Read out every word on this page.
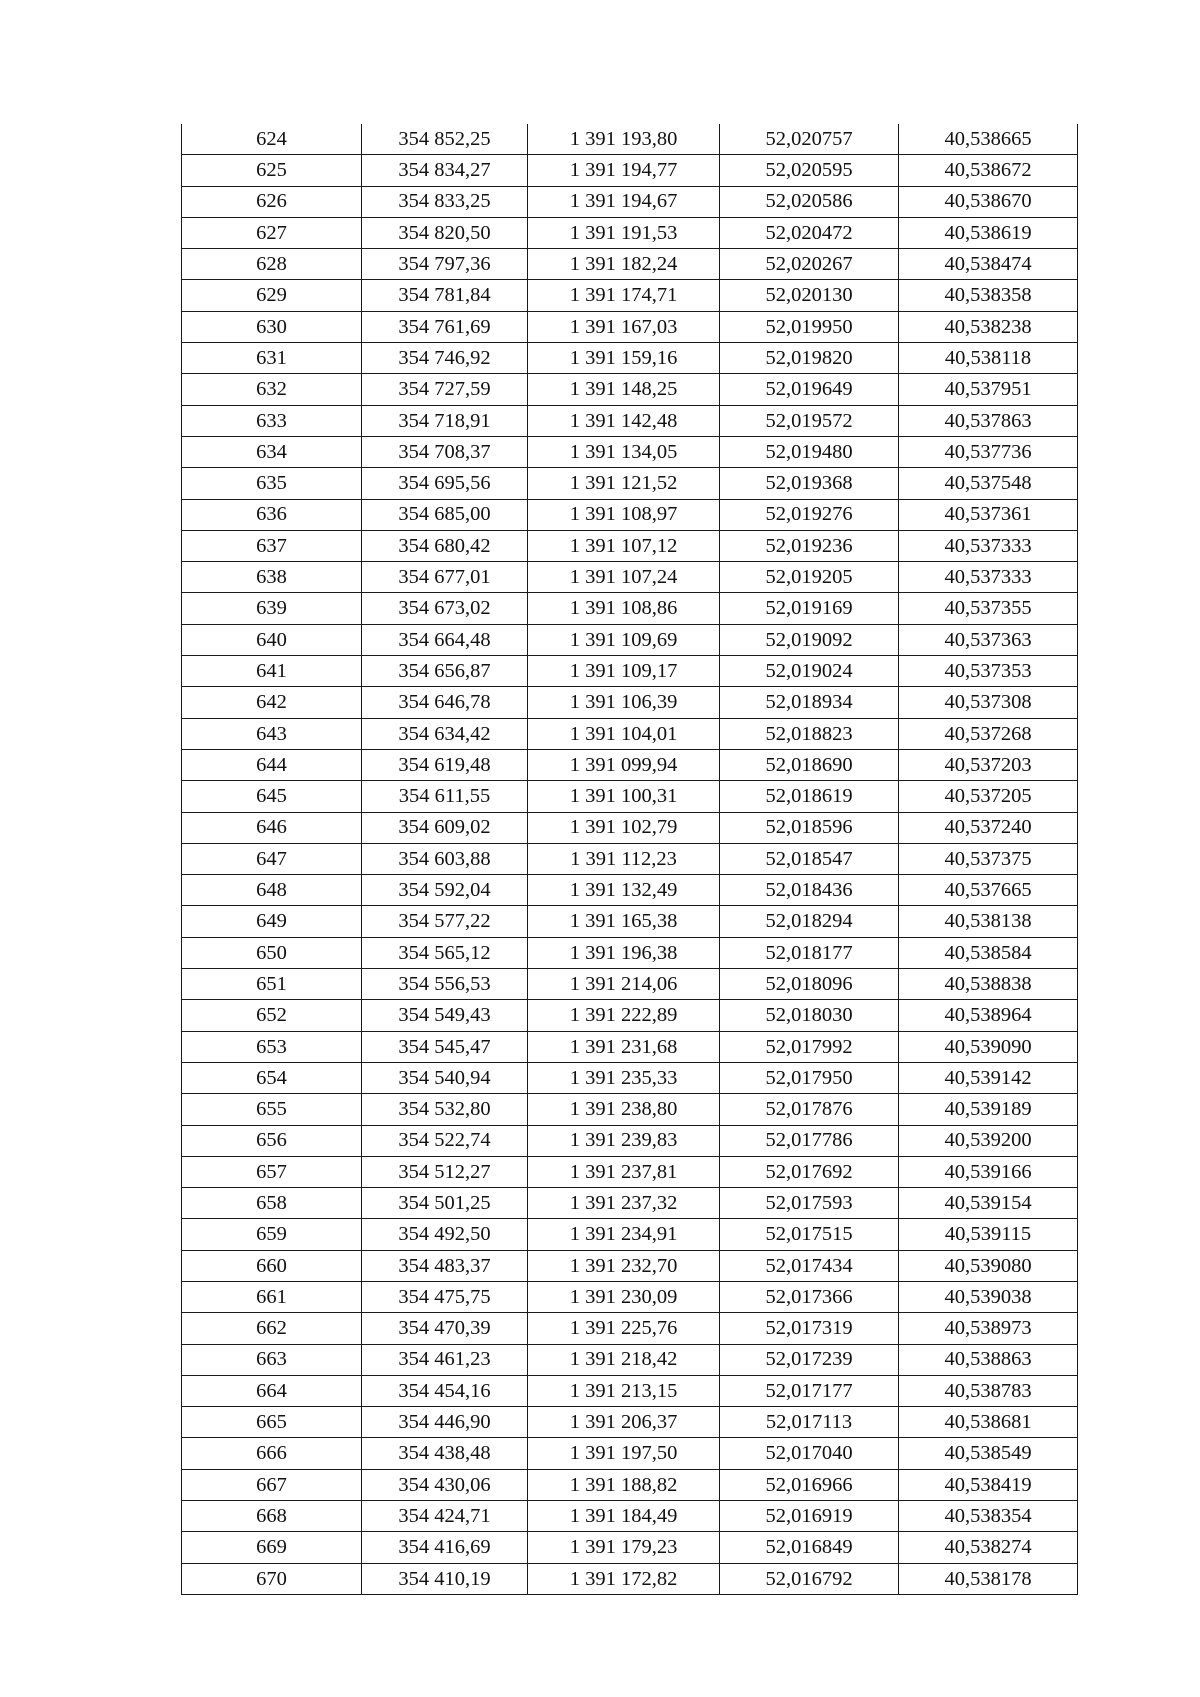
624	354 852,25	1 391 193,80	52,020757	40,538665
625	354 834,27	1 391 194,77	52,020595	40,538672
626	354 833,25	1 391 194,67	52,020586	40,538670
627	354 820,50	1 391 191,53	52,020472	40,538619
628	354 797,36	1 391 182,24	52,020267	40,538474
629	354 781,84	1 391 174,71	52,020130	40,538358
630	354 761,69	1 391 167,03	52,019950	40,538238
631	354 746,92	1 391 159,16	52,019820	40,538118
632	354 727,59	1 391 148,25	52,019649	40,537951
633	354 718,91	1 391 142,48	52,019572	40,537863
634	354 708,37	1 391 134,05	52,019480	40,537736
635	354 695,56	1 391 121,52	52,019368	40,537548
636	354 685,00	1 391 108,97	52,019276	40,537361
637	354 680,42	1 391 107,12	52,019236	40,537333
638	354 677,01	1 391 107,24	52,019205	40,537333
639	354 673,02	1 391 108,86	52,019169	40,537355
640	354 664,48	1 391 109,69	52,019092	40,537363
641	354 656,87	1 391 109,17	52,019024	40,537353
642	354 646,78	1 391 106,39	52,018934	40,537308
643	354 634,42	1 391 104,01	52,018823	40,537268
644	354 619,48	1 391 099,94	52,018690	40,537203
645	354 611,55	1 391 100,31	52,018619	40,537205
646	354 609,02	1 391 102,79	52,018596	40,537240
647	354 603,88	1 391 112,23	52,018547	40,537375
648	354 592,04	1 391 132,49	52,018436	40,537665
649	354 577,22	1 391 165,38	52,018294	40,538138
650	354 565,12	1 391 196,38	52,018177	40,538584
651	354 556,53	1 391 214,06	52,018096	40,538838
652	354 549,43	1 391 222,89	52,018030	40,538964
653	354 545,47	1 391 231,68	52,017992	40,539090
654	354 540,94	1 391 235,33	52,017950	40,539142
655	354 532,80	1 391 238,80	52,017876	40,539189
656	354 522,74	1 391 239,83	52,017786	40,539200
657	354 512,27	1 391 237,81	52,017692	40,539166
658	354 501,25	1 391 237,32	52,017593	40,539154
659	354 492,50	1 391 234,91	52,017515	40,539115
660	354 483,37	1 391 232,70	52,017434	40,539080
661	354 475,75	1 391 230,09	52,017366	40,539038
662	354 470,39	1 391 225,76	52,017319	40,538973
663	354 461,23	1 391 218,42	52,017239	40,538863
664	354 454,16	1 391 213,15	52,017177	40,538783
665	354 446,90	1 391 206,37	52,017113	40,538681
666	354 438,48	1 391 197,50	52,017040	40,538549
667	354 430,06	1 391 188,82	52,016966	40,538419
668	354 424,71	1 391 184,49	52,016919	40,538354
669	354 416,69	1 391 179,23	52,016849	40,538274
670	354 410,19	1 391 172,82	52,016792	40,538178
